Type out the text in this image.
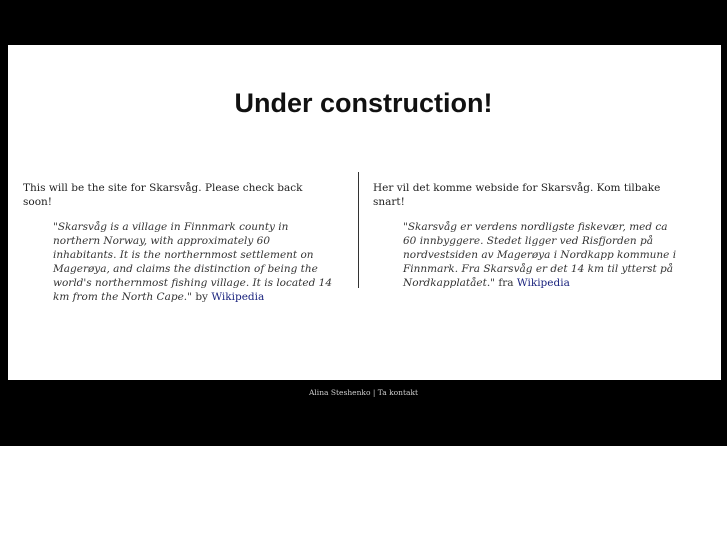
Under construction!

This will be the site for Skarsvåg. Please check back soon!

"Skarsvåg is a village in Finnmark county in northern Norway, with approximately 60 inhabitants. It is the northernmost settlement on Magerøya, and claims the distinction of being the world's northernmost fishing village. It is located 14 km from the North Cape." by Wikipedia

Her vil det komme webside for Skarsvåg. Kom tilbake snart!

"Skarsvåg er verdens nordligste fiskevær, med ca 60 innbyggere. Stedet ligger ved Risfjorden på nordvestsiden av Magerøya i Nordkapp kommune i Finnmark. Fra Skarsvåg er det 14 km til ytterst på Nordkapplatået." fra Wikipedia
Alina Steshenko | Ta kontakt
